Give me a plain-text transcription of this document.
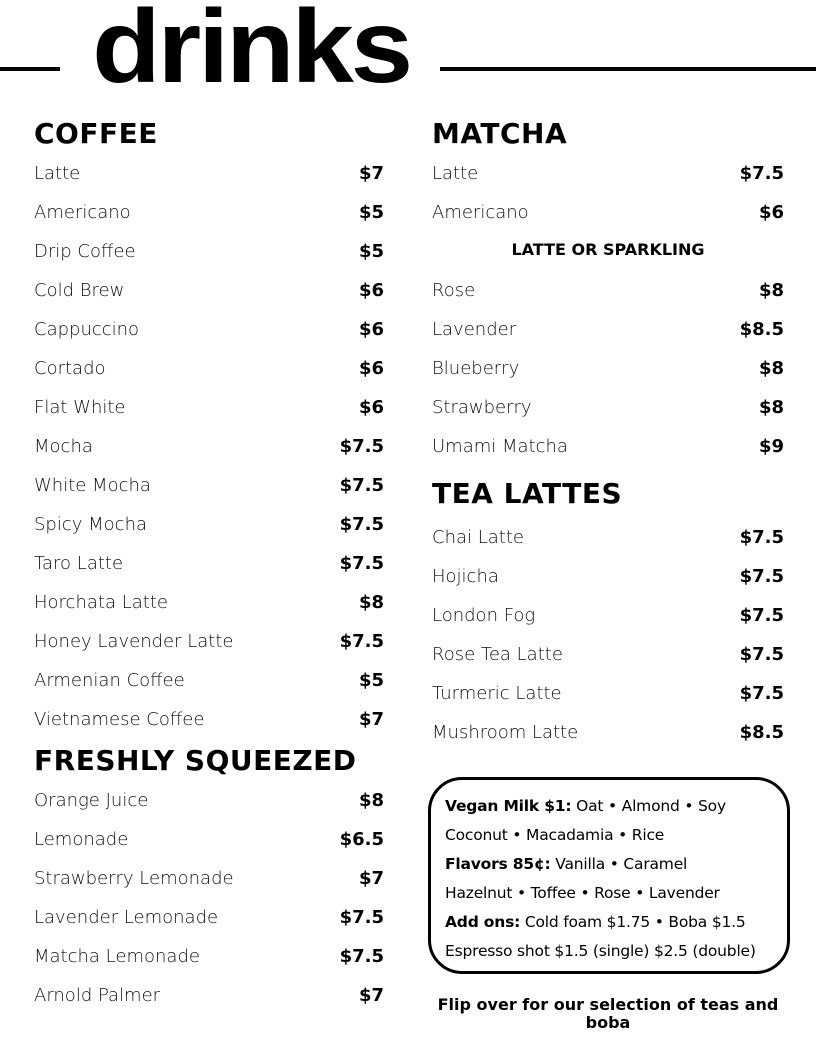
drinks
COFFEE
Latte	$7
Americano	$5
Drip Coffee	$5
Cold Brew	$6
Cappuccino	$6
Cortado	$6
Flat White	$6
Mocha	$7.5
White Mocha	$7.5
Spicy Mocha	$7.5
Taro Latte	$7.5
Horchata Latte	$8
Honey Lavender Latte	$7.5
Armenian Coffee	$5
Vietnamese Coffee	$7
FRESHLY SQUEEZED
Orange Juice	$8
Lemonade	$6.5
Strawberry Lemonade	$7
Lavender Lemonade	$7.5
Matcha Lemonade	$7.5
Arnold Palmer	$7
MATCHA
Latte	$7.5
Americano	$6
LATTE OR SPARKLING
Rose	$8
Lavender	$8.5
Blueberry	$8
Strawberry	$8
Umami Matcha	$9
TEA LATTES
Chai Latte	$7.5
Hojicha	$7.5
London Fog	$7.5
Rose Tea Latte	$7.5
Turmeric Latte	$7.5
Mushroom Latte	$8.5
Vegan Milk $1: Oat • Almond • Soy
Coconut • Macadamia • Rice
Flavors 85¢: Vanilla • Caramel
Hazelnut • Toffee • Rose • Lavender
Add ons: Cold foam $1.75 • Boba $1.5
Espresso shot $1.5 (single) $2.5 (double)
Flip over for our selection of teas and boba
